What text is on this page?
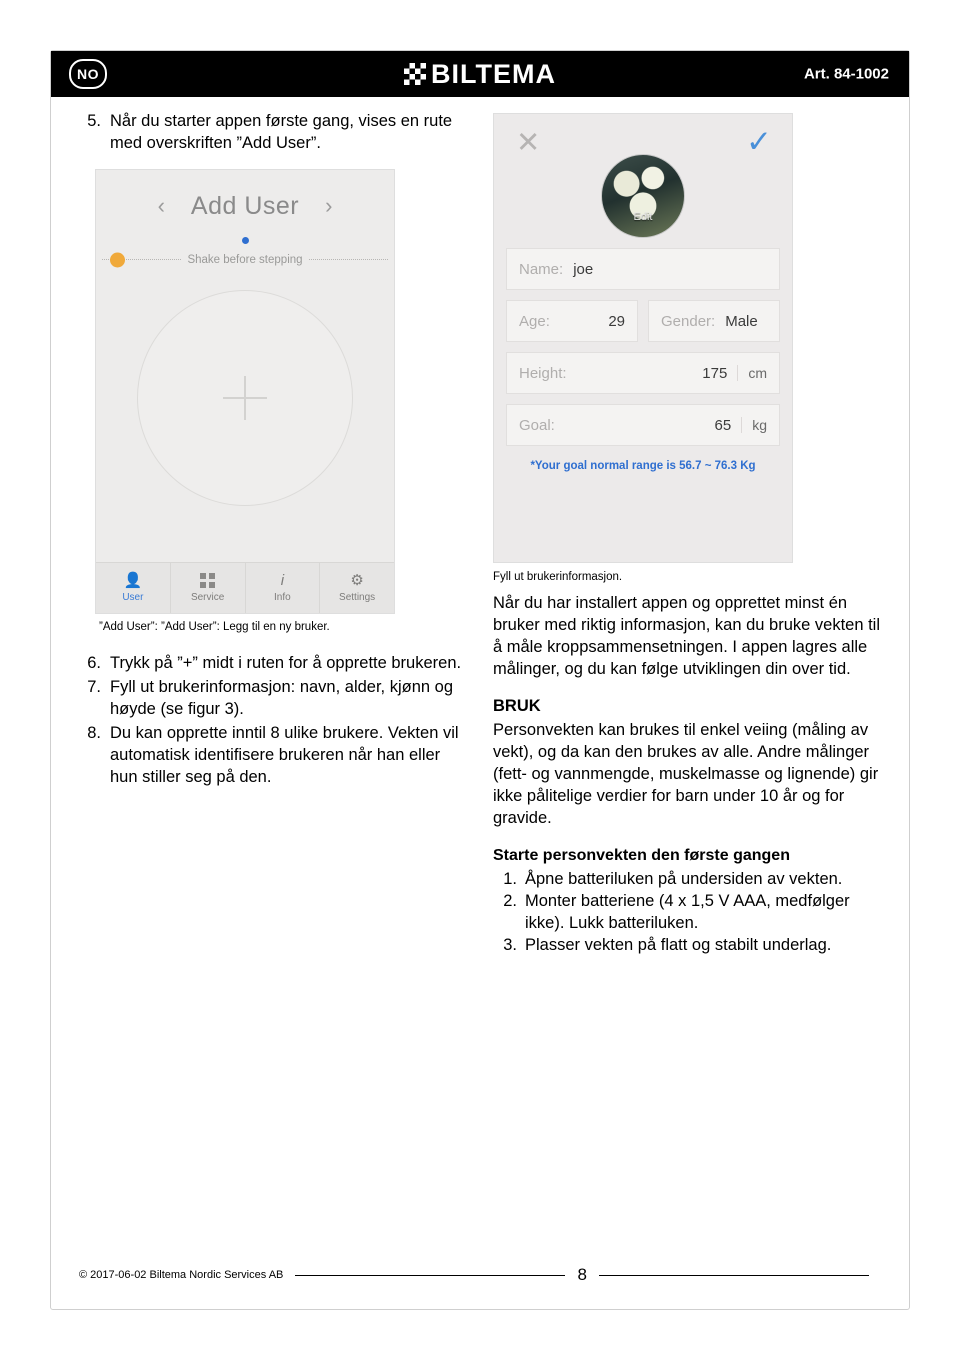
NO	BILTEMA	Art. 84-1002
5. Når du starter appen første gang, vises en rute med overskriften ”Add User”.
‹ Add User ›
Shake before stepping
👤
User	Service
i
Info
⚙
Settings
”Add User”: ”Add User”: Legg til en ny bruker.
6. Trykk på ”+” midt i ruten for å opprette brukeren.
7. Fyll ut brukerinformasjon: navn, alder, kjønn og høyde (se figur 3).
8. Du kan opprette inntil 8 ulike brukere. Vekten vil automatisk identifisere brukeren når han eller hun stiller seg på den.
✕	✓
Edit
Name: joe
Age:	29 Gender: Male
Height:	175	cm
Goal:	65	kg
*Your goal normal range is 56.7 ~ 76.3 Kg
Fyll ut brukerinformasjon.

Når du har installert appen og opprettet minst én bruker med riktig informasjon, kan du bruke vekten til å måle kroppsammensetningen. I appen lagres alle målinger, og du kan følge utviklingen din over tid.

BRUK

Personvekten kan brukes til enkel veiing (måling av vekt), og da kan den brukes av alle. Andre målinger (fett- og vannmengde, muskelmasse og lignende) gir ikke pålitelige verdier for barn under 10 år og for gravide.

Starte personvekten den første gangen
1. Åpne batteriluken på undersiden av vekten.
2. Monter batteriene (4 x 1,5 V AAA, medfølger ikke). Lukk batteriluken.
3. Plasser vekten på flatt og stabilt underlag.
© 2017-06-02 Biltema Nordic Services AB	8
